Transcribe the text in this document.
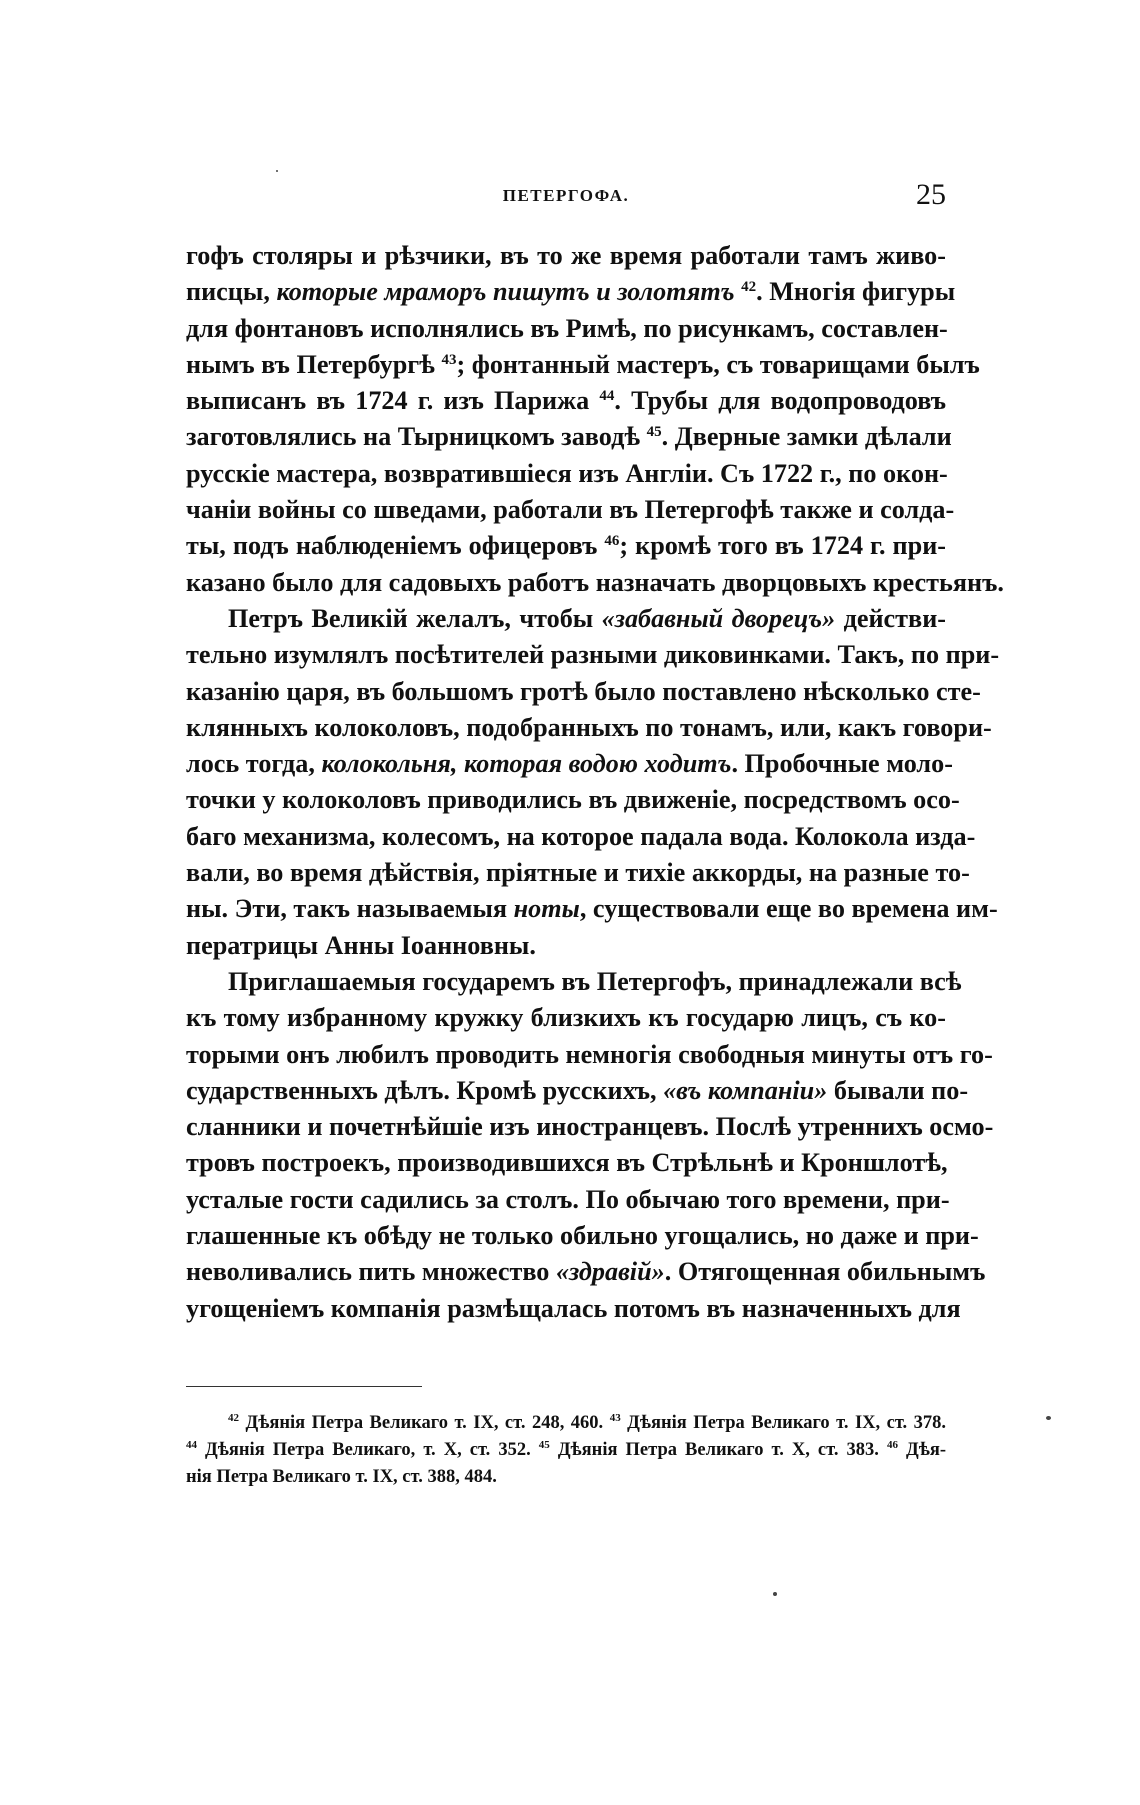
ПЕТЕРГОФА.	25
гофъ столяры и рѣзчики, въ то же время работали тамъ живо-
писцы, которые мраморъ пишутъ и золотятъ $^{42}$. Многія фигуры
для фонтановъ исполнялись въ Римѣ, по рисункамъ, составлен-
нымъ въ Петербургѣ $^{43}$; фонтанный мастеръ, съ товарищами былъ
выписанъ въ 1724 г. изъ Парижа $^{44}$. Трубы для водопроводовъ
заготовлялись на Тырницкомъ заводѣ $^{45}$. Дверные замки дѣлали
русскіе мастера, возвратившіеся изъ Англіи. Съ 1722 г., по окон-
чаніи войны со шведами, работали въ Петергофѣ также и солда-
ты, подъ наблюденіемъ офицеровъ $^{46}$; кромѣ того въ 1724 г. при-
казано было для садовыхъ работъ назначать дворцовыхъ крестьянъ.
Петръ Великій желалъ, чтобы «забавный дворецъ» действи-
тельно изумлялъ посѣтителей разными диковинками. Такъ, по при-
казанію царя, въ большомъ гротѣ было поставлено нѣсколько сте-
клянныхъ колоколовъ, подобранныхъ по тонамъ, или, какъ говори-
лось тогда, колокольня, которая водою ходитъ. Пробочные моло-
точки у колоколовъ приводились въ движеніе, посредствомъ осо-
баго механизма, колесомъ, на которое падала вода. Колокола изда-
вали, во время дѣйствія, пріятные и тихіе аккорды, на разные то-
ны. Эти, такъ называемыя ноты, существовали еще во времена им-
ператрицы Анны Іоанновны.
Приглашаемыя государемъ въ Петергофъ, принадлежали всѣ
къ тому избранному кружку близкихъ къ государю лицъ, съ ко-
торыми онъ любилъ проводить немногія свободныя минуты отъ го-
сударственныхъ дѣлъ. Кромѣ русскихъ, «въ компаніи» бывали по-
сланники и почетнѣйшіе изъ иностранцевъ. Послѣ утреннихъ осмо-
тровъ построекъ, производившихся въ Стрѣльнѣ и Кроншлотѣ,
усталые гости садились за столъ. По обычаю того времени, при-
глашенные къ обѣду не только обильно угощались, но даже и при-
неволивались пить множество «здравій». Отягощенная обильнымъ
угощеніемъ компанія размѣщалась потомъ въ назначенныхъ для
$^{42}$ Дѣянія Петра Великаго т. IX, ст. 248, 460. $^{43}$ Дѣянія Петра Великаго т. IX, ст. 378.
$^{44}$ Дѣянія Петра Великаго, т. X, ст. 352. $^{45}$ Дѣянія Петра Великаго т. X, ст. 383. $^{46}$ Дѣя-
нія Петра Великаго т. IX, ст. 388, 484.
